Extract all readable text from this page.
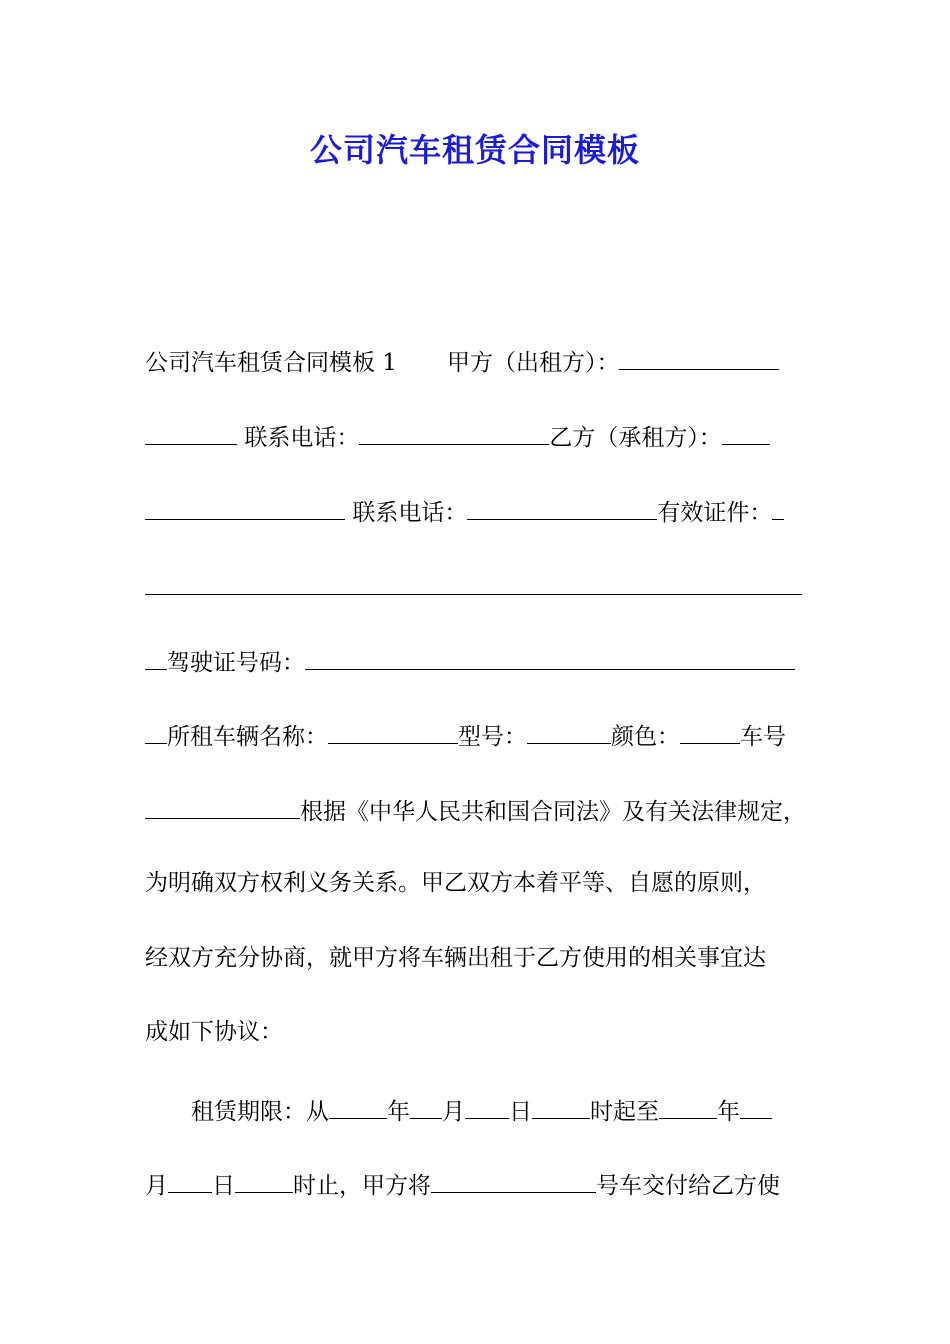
公司汽车租赁合同模板
公司汽车租赁合同模板 1 甲方（出租方）：
联系电话：	乙方（承租方）：
联系电话：	有效证件：
驾驶证号码：
所租车辆名称：	型号：	颜色：	车号
根据《中华人民共和国合同法》及有关法律规定，
为明确双方权利义务关系。甲乙双方本着平等、自愿的原则，
经双方充分协商，就甲方将车辆出租于乙方使用的相关事宜达
成如下协议：
租赁期限：从	年 月 日	时起至	年
月 日	时止，甲方将	号车交付给乙方使
